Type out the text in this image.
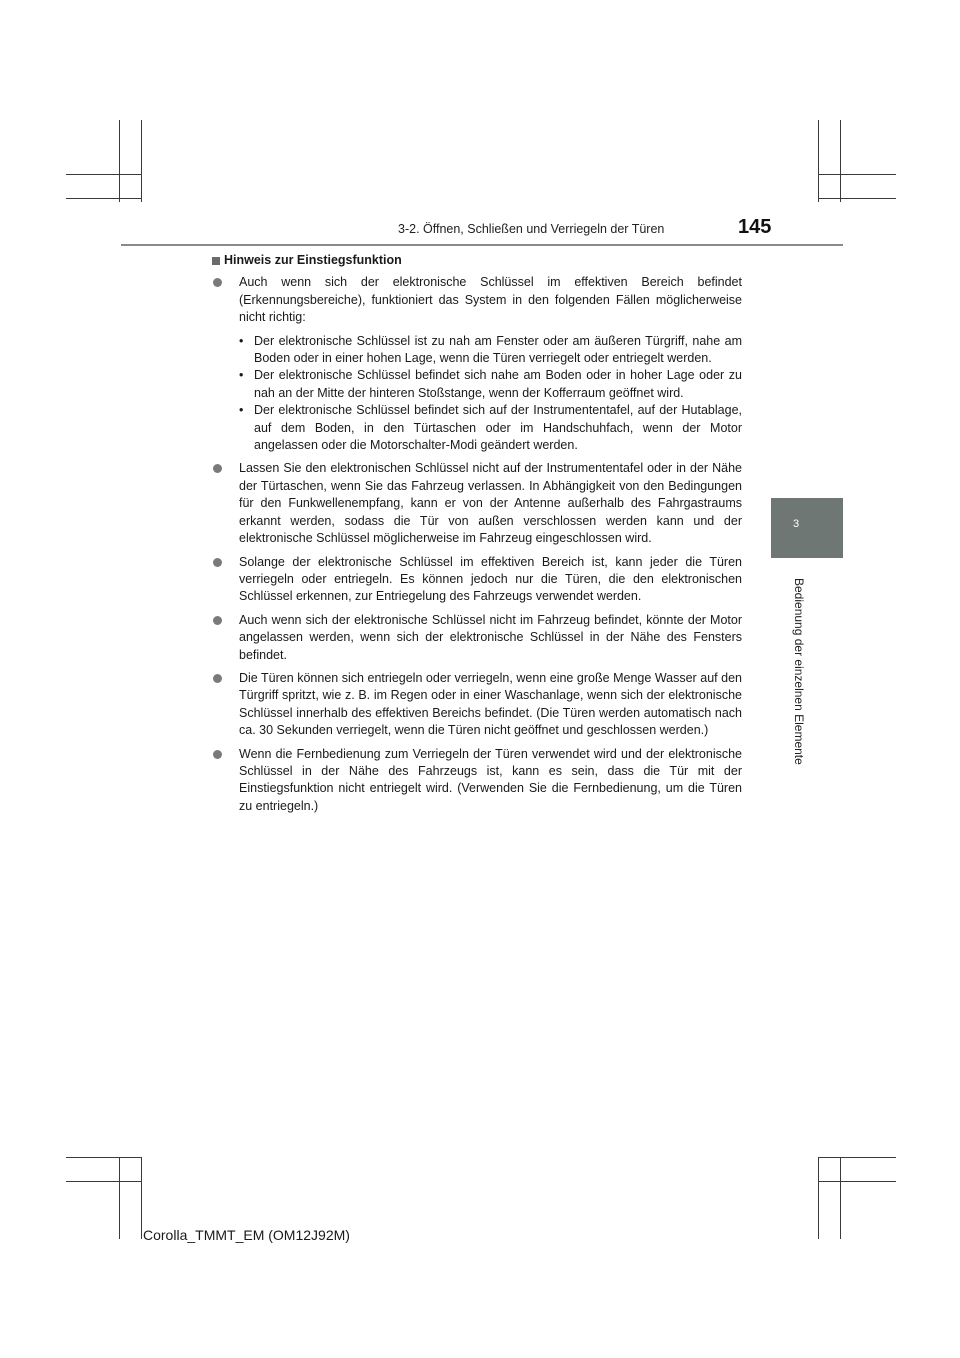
3-2. Öffnen, Schließen und Verriegeln der Türen	145
3
Bedienung der einzelnen Elemente
Hinweis zur Einstiegsfunktion
Auch wenn sich der elektronische Schlüssel im effektiven Bereich befindet (Erkennungsbereiche), funktioniert das System in den folgenden Fällen möglicherweise nicht richtig:
• Der elektronische Schlüssel ist zu nah am Fenster oder am äußeren Türgriff, nahe am Boden oder in einer hohen Lage, wenn die Türen verriegelt oder entriegelt werden.
• Der elektronische Schlüssel befindet sich nahe am Boden oder in hoher Lage oder zu nah an der Mitte der hinteren Stoßstange, wenn der Kofferraum geöffnet wird.
• Der elektronische Schlüssel befindet sich auf der Instrumententafel, auf der Hutablage, auf dem Boden, in den Türtaschen oder im Handschuhfach, wenn der Motor angelassen oder die Motorschalter-Modi geändert werden.
Lassen Sie den elektronischen Schlüssel nicht auf der Instrumententafel oder in der Nähe der Türtaschen, wenn Sie das Fahrzeug verlassen. In Abhängigkeit von den Bedingungen für den Funkwellenempfang, kann er von der Antenne außerhalb des Fahrgastraums erkannt werden, sodass die Tür von außen verschlossen werden kann und der elektronische Schlüssel möglicherweise im Fahrzeug eingeschlossen wird.
Solange der elektronische Schlüssel im effektiven Bereich ist, kann jeder die Türen verriegeln oder entriegeln. Es können jedoch nur die Türen, die den elektronischen Schlüssel erkennen, zur Entriegelung des Fahrzeugs verwendet werden.
Auch wenn sich der elektronische Schlüssel nicht im Fahrzeug befindet, könnte der Motor angelassen werden, wenn sich der elektronische Schlüssel in der Nähe des Fensters befindet.
Die Türen können sich entriegeln oder verriegeln, wenn eine große Menge Wasser auf den Türgriff spritzt, wie z. B. im Regen oder in einer Waschanlage, wenn sich der elektronische Schlüssel innerhalb des effektiven Bereichs befindet. (Die Türen werden automatisch nach ca. 30 Sekunden verriegelt, wenn die Türen nicht geöffnet und geschlossen werden.)
Wenn die Fernbedienung zum Verriegeln der Türen verwendet wird und der elektronische Schlüssel in der Nähe des Fahrzeugs ist, kann es sein, dass die Tür mit der Einstiegsfunktion nicht entriegelt wird. (Verwenden Sie die Fernbedienung, um die Türen zu entriegeln.)
Corolla_TMMT_EM (OM12J92M)
